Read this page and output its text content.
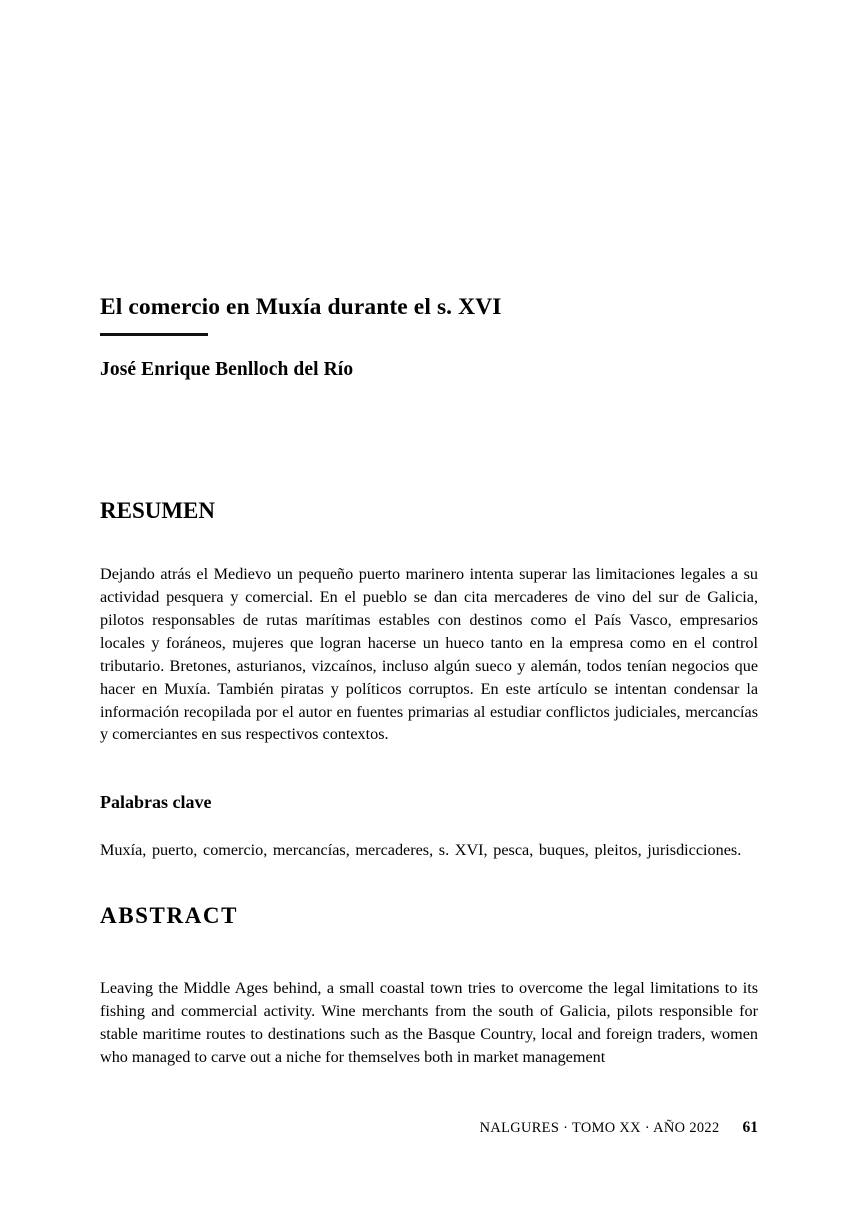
El comercio en Muxía durante el s. XVI
José Enrique Benlloch del Río
RESUMEN

Dejando atrás el Medievo un pequeño puerto marinero intenta superar las limitaciones legales a su actividad pesquera y comercial. En el pueblo se dan cita mercaderes de vino del sur de Galicia, pilotos responsables de rutas marítimas estables con destinos como el País Vasco, empresarios locales y foráneos, mujeres que logran hacerse un hueco tanto en la empresa como en el control tributario. Bretones, asturianos, vizcaínos, incluso algún sueco y alemán, todos tenían negocios que hacer en Muxía. También piratas y políticos corruptos. En este artículo se intentan condensar la información recopilada por el autor en fuentes primarias al estudiar conflictos judiciales, mercancías y comerciantes en sus respectivos contextos.

Palabras clave

Muxía, puerto, comercio, mercancías, mercaderes, s. XVI, pesca, buques, pleitos, jurisdicciones.

ABSTRACT

Leaving the Middle Ages behind, a small coastal town tries to overcome the legal limitations to its fishing and commercial activity. Wine merchants from the south of Galicia, pilots responsible for stable maritime routes to destinations such as the Basque Country, local and foreign traders, women who managed to carve out a niche for themselves both in market management

NALGURES · TOMO XX · AÑO 2022 61
